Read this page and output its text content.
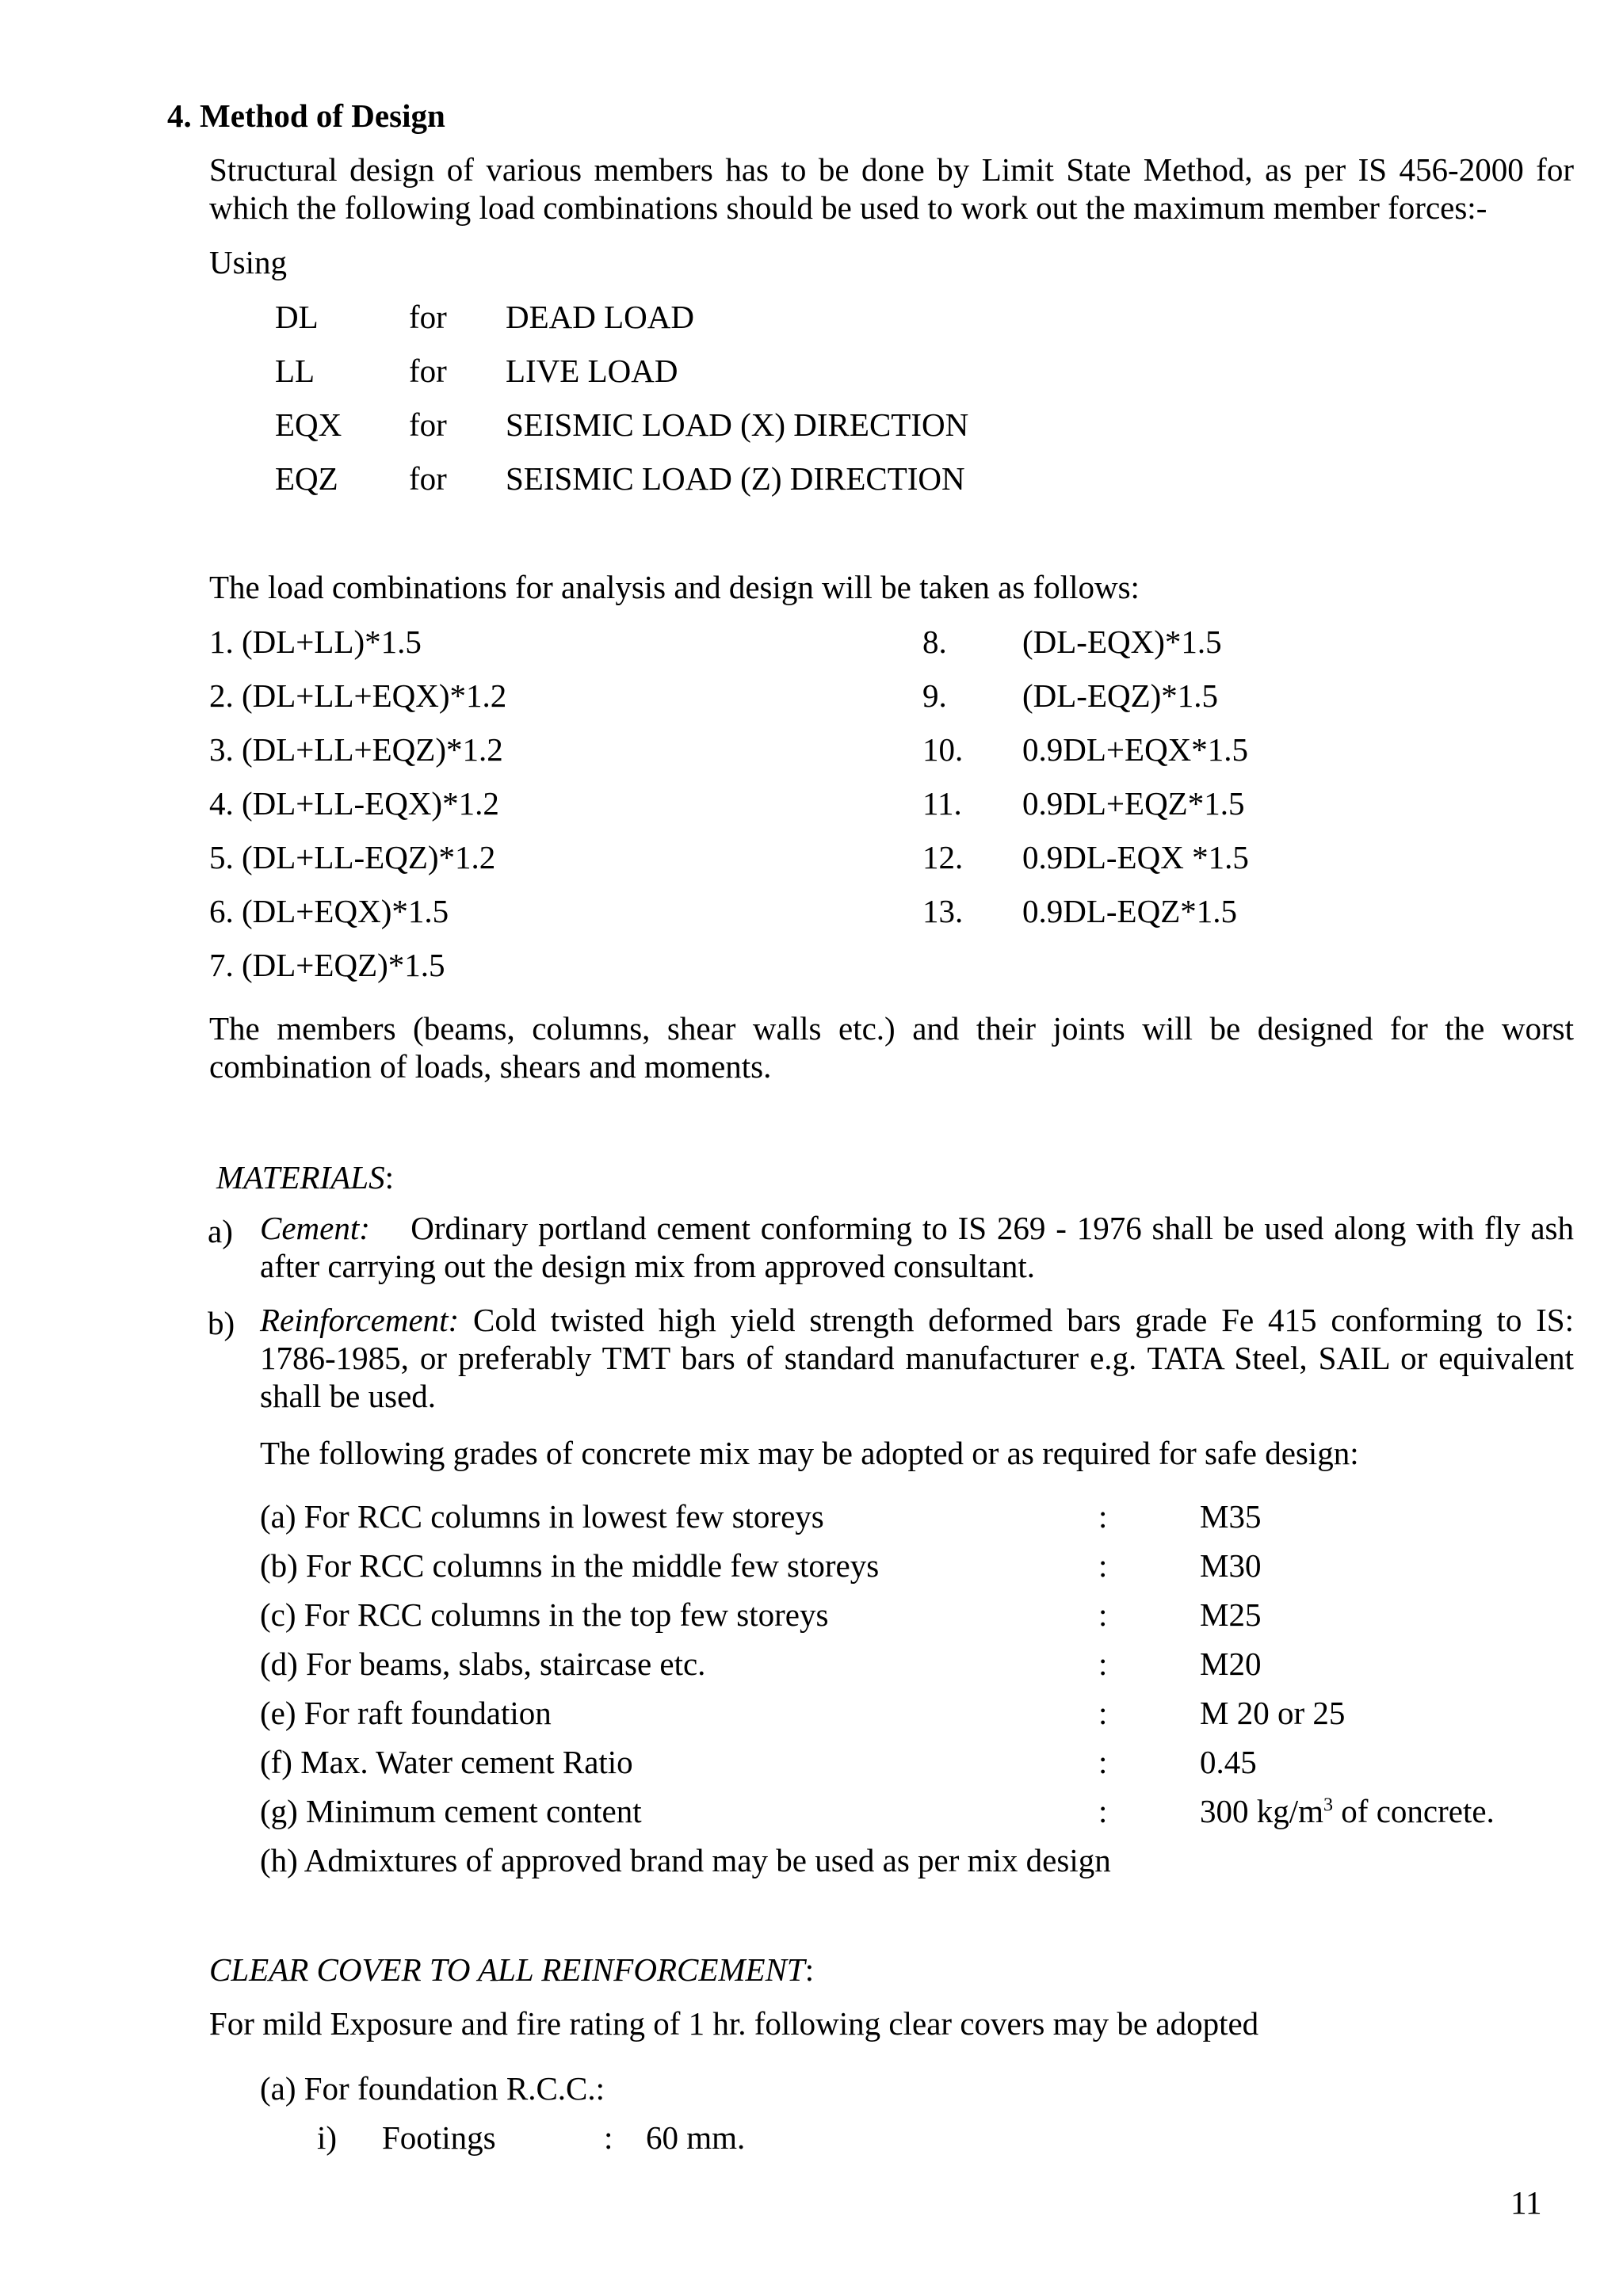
4. Method of Design
Structural design of various members has to be done by Limit State Method, as per IS 456-2000 for which the following load combinations should be used to work out the maximum member forces:-
Using
DL	for DEAD LOAD
LL	for LIVE LOAD
EQX for SEISMIC LOAD (X) DIRECTION
EQZ for SEISMIC LOAD (Z) DIRECTION
The load combinations for analysis and design will be taken as follows:
1. (DL+LL)*1.5
2. (DL+LL+EQX)*1.2
3. (DL+LL+EQZ)*1.2
4. (DL+LL-EQX)*1.2
5. (DL+LL-EQZ)*1.2
6. (DL+EQX)*1.5
7. (DL+EQZ)*1.5
8. (DL-EQX)*1.5
9. (DL-EQZ)*1.5
10. 0.9DL+EQX*1.5
11. 0.9DL+EQZ*1.5
12. 0.9DL-EQX *1.5
13. 0.9DL-EQZ*1.5
The members (beams, columns, shear walls etc.) and their joints will be designed for the worst combination of loads, shears and moments.
MATERIALS:
a) Cement: Ordinary portland cement conforming to IS 269 - 1976 shall be used along with fly ash after carrying out the design mix from approved consultant.
b) Reinforcement: Cold twisted high yield strength deformed bars grade Fe 415 conforming to IS: 1786-1985, or preferably TMT bars of standard manufacturer e.g. TATA Steel, SAIL or equivalent shall be used.
The following grades of concrete mix may be adopted or as required for safe design:
(a) For RCC columns in lowest few storeys	:	M35
(b) For RCC columns in the middle few storeys	:	M30
(c) For RCC columns in the top few storeys	:	M25
(d) For beams, slabs, staircase etc.	:	M20
(e) For raft foundation	:	M 20 or 25
(f) Max. Water cement Ratio	:	0.45
(g) Minimum cement content	:	300 $kg/m^3$ of concrete.
(h) Admixtures of approved brand may be used as per mix design
CLEAR COVER TO ALL REINFORCEMENT:
For mild Exposure and fire rating of 1 hr. following clear covers may be adopted
(a) For foundation R.C.C.:
i) Footings	: 60 mm.
11
